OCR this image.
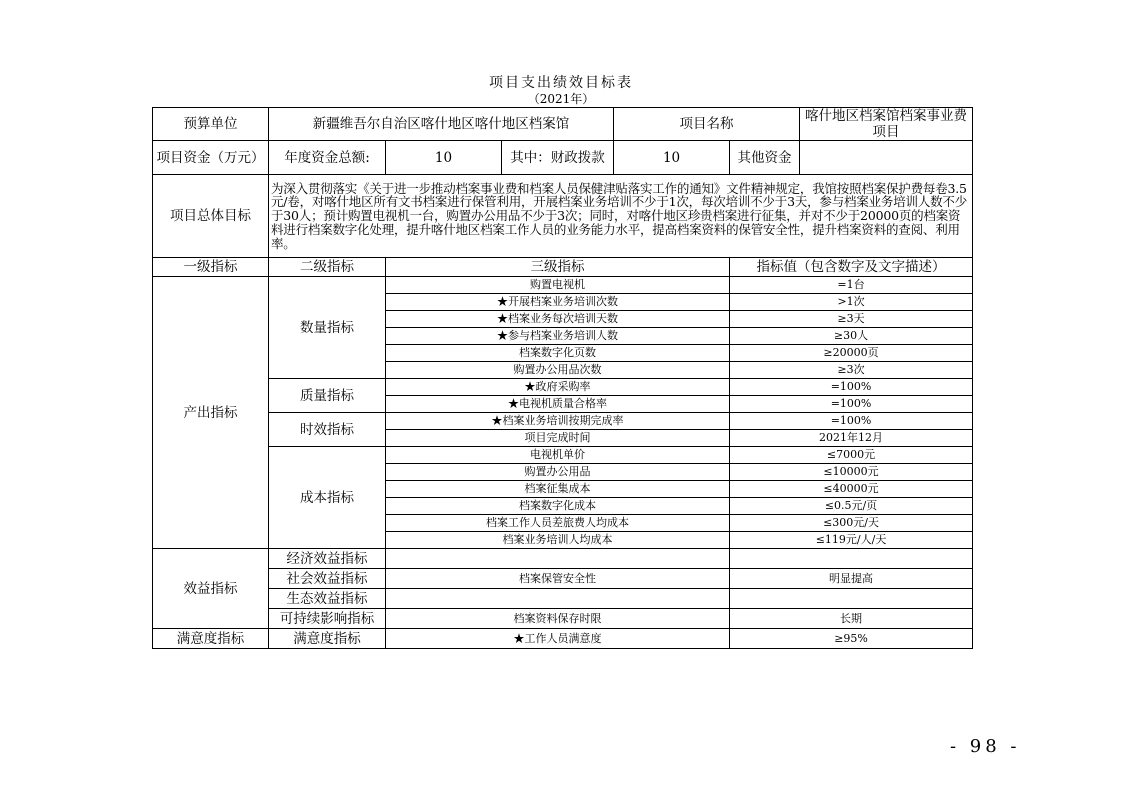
项目支出绩效目标表
（2021年）
预算单位	新疆维吾尔自治区喀什地区喀什地区档案馆			项目名称		喀什地区档案馆档案事业费项目
项目资金（万元）	年度资金总额:	10	其中：财政拨款	10	其他资金	
项目总体目标	为深入贯彻落实《关于进一步推动档案事业费和档案人员保健津贴落实工作的通知》文件精神规定，我馆按照档案保护费每卷3.5元/卷，对喀什地区所有文书档案进行保管利用，开展档案业务培训不少于1次，每次培训不少于3天，参与档案业务培训人数不少于30人；预计购置电视机一台，购置办公用品不少于3次；同时，对喀什地区珍贵档案进行征集，并对不少于20000页的档案资料进行档案数字化处理，提升喀什地区档案工作人员的业务能力水平，提高档案资料的保管安全性，提升档案资料的查阅、利用率。					
一级指标	二级指标	三级指标			指标值（包含数字及文字描述）	
产出指标	数量指标	购置电视机			=1台	
		★开展档案业务培训次数			>1次	
		★档案业务每次培训天数			≥3天	
		★参与档案业务培训人数			≥30人	
		档案数字化页数			≥20000页	
		购置办公用品次数			≥3次	
	质量指标	★政府采购率			=100%	
		★电视机质量合格率			=100%	
	时效指标	★档案业务培训按期完成率			=100%	
		项目完成时间			2021年12月	
	成本指标	电视机单价			≤7000元	
		购置办公用品			≤10000元	
		档案征集成本			≤40000元	
		档案数字化成本			≤0.5元/页	
		档案工作人员差旅费人均成本			≤300元/天	
		档案业务培训人均成本			≤119元/人/天	
效益指标	经济效益指标					
	社会效益指标	档案保管安全性			明显提高	
	生态效益指标					
	可持续影响指标	档案资料保存时限			长期	
满意度指标	满意度指标	★工作人员满意度			≥95%	
- 98 -
